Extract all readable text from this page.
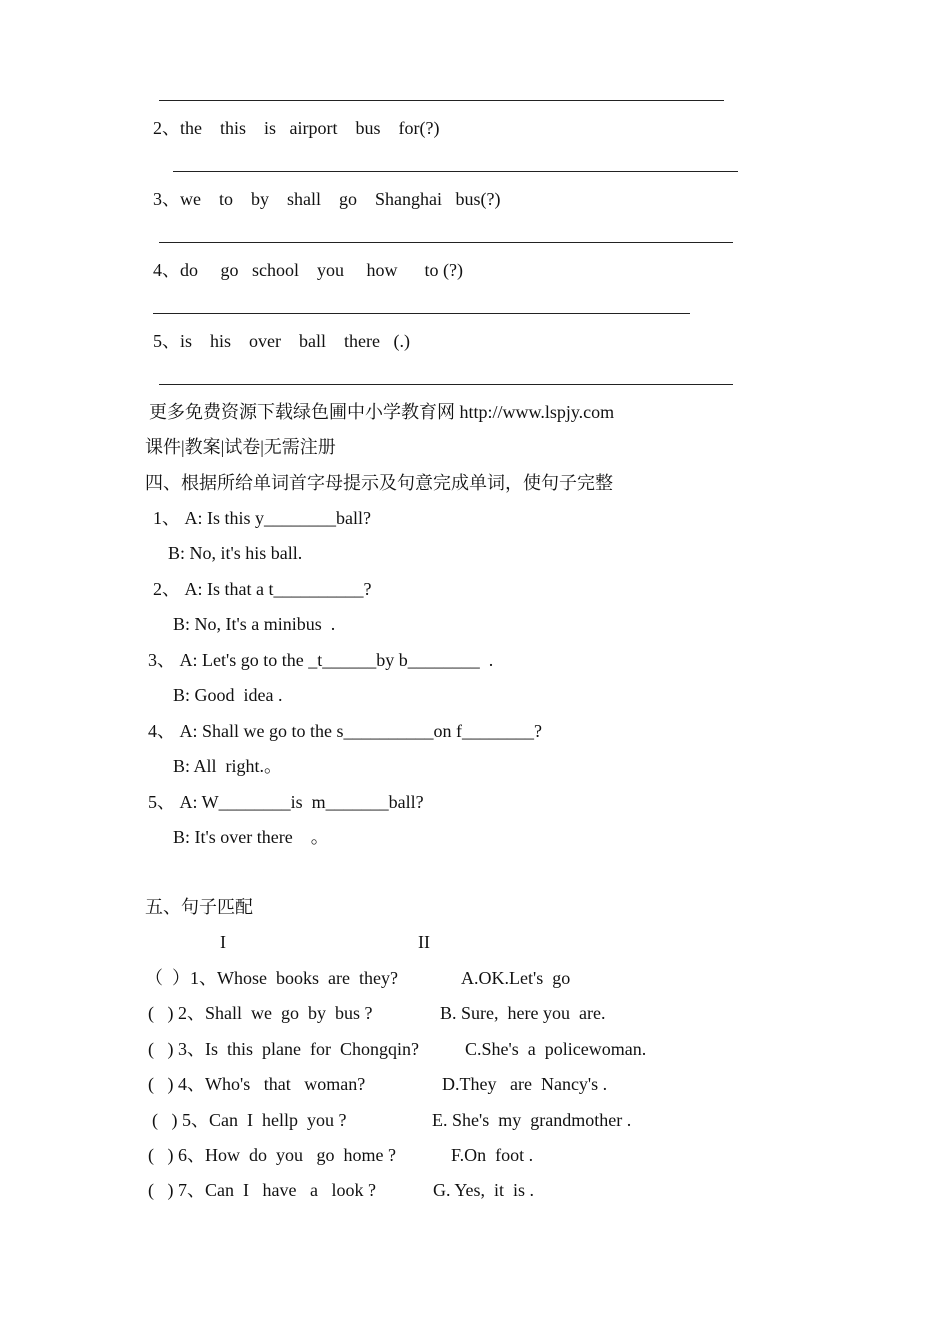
2、the    this    is   airport    bus    for(?)
3、we    to    by    shall    go    Shanghai   bus(?)
4、do     go   school    you     how      to (?)
5、is    his    over    ball    there   (.)
更多免费资源下载绿色圃中小学教育网 http://www.lspjy.com
课件|教案|试卷|无需注册
四、根据所给单词首字母提示及句意完成单词，使句子完整
1、 A: Is this y________ball?
B: No, it's his ball.
2、 A: Is that a t__________?
B: No, It's a minibus  .
3、 A: Let's go to the _t______by b________  .
B: Good  idea .
4、 A: Shall we go to the s__________on f________?
B: All  right.。
5、 A: W________is  m_______ball?
B: It's over there    。
五、句子匹配
I	II
（  ）1、Whose  books  are  they?	A.OK.Let's  go
(   ) 2、Shall  we  go  by  bus ?	B. Sure,  here you  are.
(   ) 3、Is  this  plane  for  Chongqin?	C.She's  a  policewoman.
(   ) 4、Who's   that   woman?	D.They   are  Nancy's .
(   ) 5、Can  I  hellp  you ?	E. She's  my  grandmother .
(   ) 6、How  do  you   go  home ?	F.On  foot .
(   ) 7、Can  I   have   a   look ?	G. Yes,  it  is .
